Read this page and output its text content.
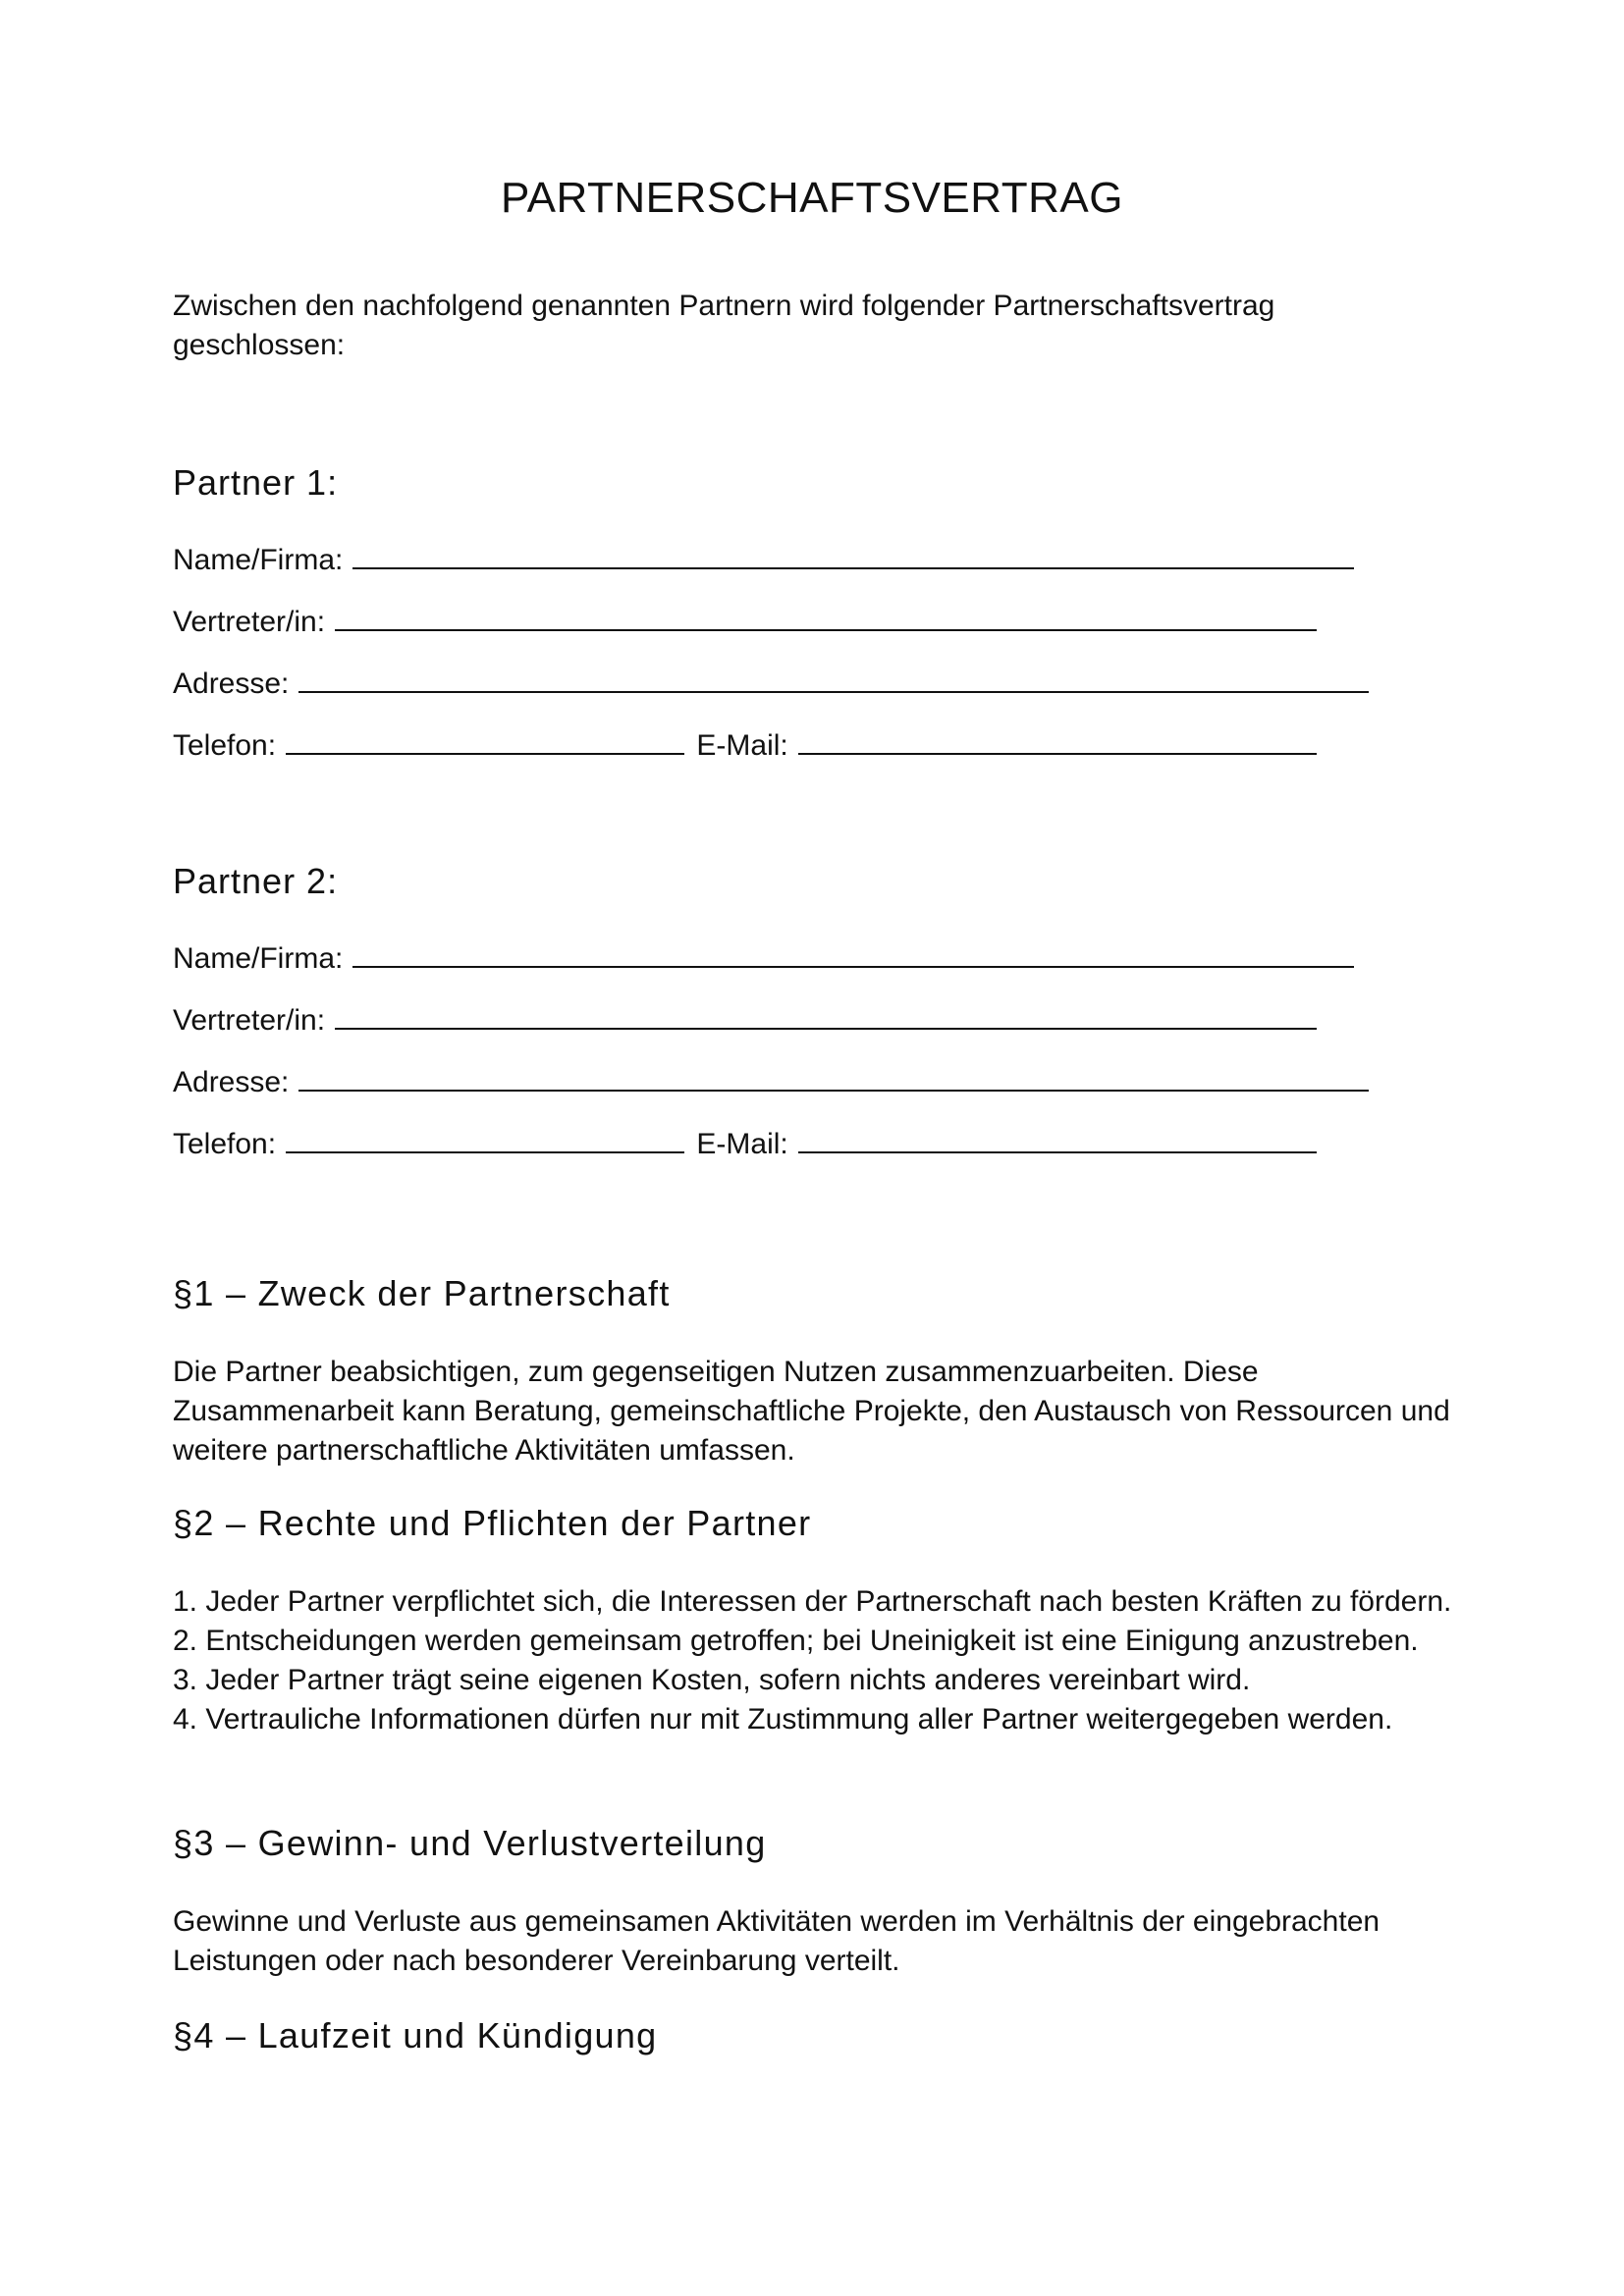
PARTNERSCHAFTSVERTRAG
Zwischen den nachfolgend genannten Partnern wird folgender Partnerschaftsvertrag geschlossen:
Partner 1:
Name/Firma:
Vertreter/in:
Adresse:
Telefon:	E-Mail:
Partner 2:
Name/Firma:
Vertreter/in:
Adresse:
Telefon:	E-Mail:
§1 – Zweck der Partnerschaft
Die Partner beabsichtigen, zum gegenseitigen Nutzen zusammenzuarbeiten. Diese Zusammenarbeit kann Beratung, gemeinschaftliche Projekte, den Austausch von Ressourcen und weitere partnerschaftliche Aktivitäten umfassen.
§2 – Rechte und Pflichten der Partner
1. Jeder Partner verpflichtet sich, die Interessen der Partnerschaft nach besten Kräften zu fördern.
2. Entscheidungen werden gemeinsam getroffen; bei Uneinigkeit ist eine Einigung anzustreben.
3. Jeder Partner trägt seine eigenen Kosten, sofern nichts anderes vereinbart wird.
4. Vertrauliche Informationen dürfen nur mit Zustimmung aller Partner weitergegeben werden.
§3 – Gewinn- und Verlustverteilung
Gewinne und Verluste aus gemeinsamen Aktivitäten werden im Verhältnis der eingebrachten Leistungen oder nach besonderer Vereinbarung verteilt.
§4 – Laufzeit und Kündigung
